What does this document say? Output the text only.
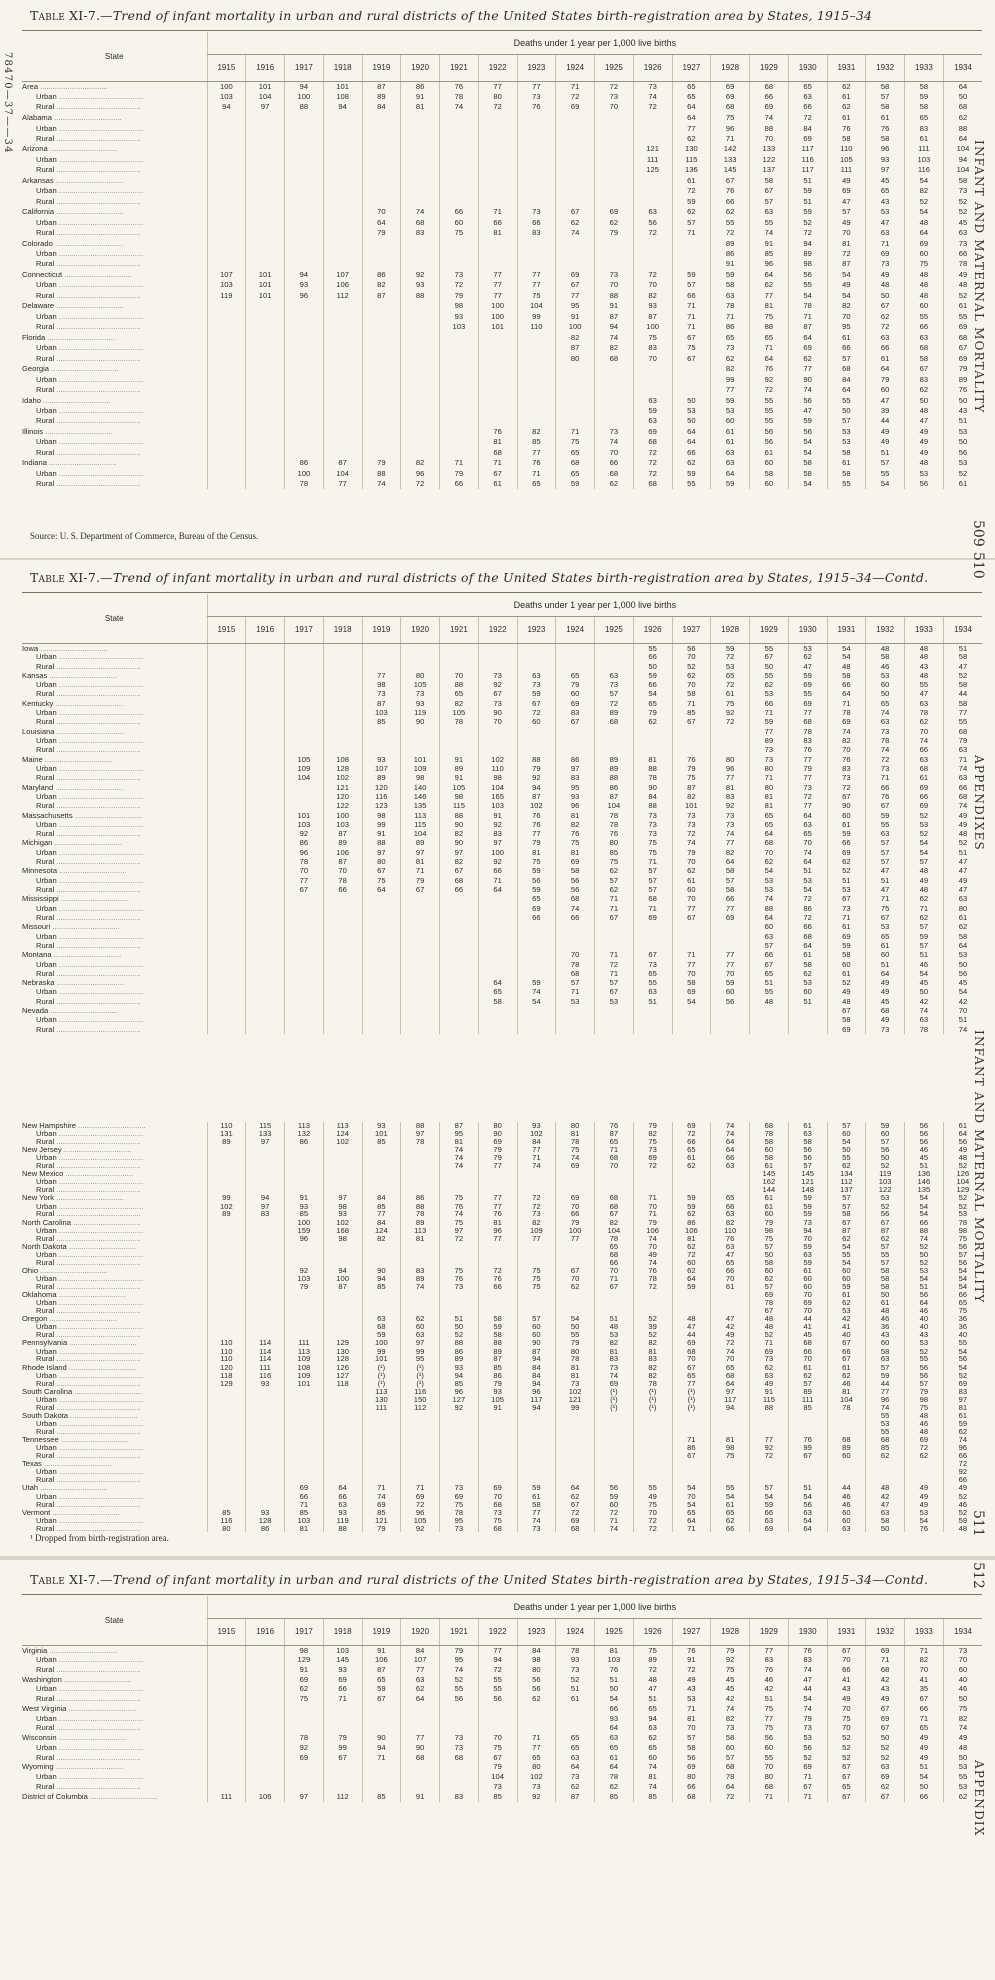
Table XI-7.—Trend of infant mortality in urban and rural districts of the United States birth-registration area by States, 1915–34
State	Deaths under 1 year per 1,000 live births																			
	1915	1916	1917	1918	1919	1920	1921	1922	1923	1924	1925	1926	1927	1928	1929	1930	1931	1932	1933	1934
Area ................................	100	101	94	101	87	86	76	77	77	71	72	73	65	69	68	65	62	58	58	64
Urban ........................................	103	104	100	108	89	91	78	80	73	72	73	74	65	69	66	63	61	57	59	50
Rural ........................................	94	97	88	94	84	81	74	72	76	69	70	72	64	68	69	66	62	58	58	68
Alabama ................................													64	75	74	72	61	61	65	62
Urban ........................................													77	96	88	84	76	76	83	88
Rural ........................................													62	71	70	69	58	58	61	64
Arizona ................................												121	130	142	133	117	110	96	111	104
Urban ........................................												111	115	133	122	116	105	93	103	94
Rural ........................................												125	136	145	137	117	111	97	116	104
Arkansas ................................													61	67	58	51	49	45	54	58
Urban ........................................													72	76	67	59	69	65	82	73
Rural ........................................													59	66	57	51	47	43	52	52
California ................................					70	74	66	71	73	67	69	63	62	62	63	59	57	53	54	52
Urban ........................................					64	68	60	66	66	62	62	56	57	55	55	52	49	47	48	45
Rural ........................................					79	83	75	81	83	74	79	72	71	72	74	72	70	63	64	63
Colorado ................................														89	91	94	81	71	69	73
Urban ........................................														86	85	89	72	69	60	66
Rural ........................................														91	96	98	87	73	75	78
Connecticut ................................	107	101	94	107	86	92	73	77	77	69	73	72	59	59	64	56	54	49	48	49
Urban ........................................	103	101	93	106	82	93	72	77	77	67	70	70	57	58	62	55	49	48	48	48
Rural ........................................	119	101	96	112	87	88	79	77	75	77	88	82	66	63	77	54	54	50	48	52
Delaware ................................							98	100	104	95	91	93	71	78	81	78	82	67	60	61
Urban ........................................							93	100	99	91	87	87	71	71	75	71	70	62	55	55
Rural ........................................							103	101	110	100	94	100	71	86	88	87	95	72	66	69
Florida ................................										82	74	75	67	65	65	64	61	63	63	68
Urban ........................................										87	82	83	75	73	71	69	66	66	68	67
Rural ........................................										80	68	70	67	62	64	62	57	61	58	69
Georgia ................................														82	76	77	68	64	67	79
Urban ........................................														99	92	90	84	79	83	89
Rural ........................................														77	72	74	64	60	62	76
Idaho ................................												63	50	59	55	56	55	47	50	50
Urban ........................................												59	53	53	55	47	50	39	48	43
Rural ........................................												63	50	60	55	59	57	44	47	51
Illinois ................................								76	82	71	73	69	64	61	56	56	53	49	49	53
Urban ........................................								81	85	75	74	68	64	61	56	54	53	49	49	50
Rural ........................................								68	77	65	70	72	66	63	61	54	58	51	49	56
Indiana ................................			86	87	79	82	71	71	76	68	66	72	62	63	60	58	61	57	48	53
Urban ........................................			100	104	88	96	79	67	71	65	68	72	59	64	58	58	58	55	53	52
Rural ........................................			78	77	74	72	66	61	65	59	62	68	55	59	60	54	55	54	56	61
Source: U. S. Department of Commerce, Bureau of the Census.
78470—37——34
INFANT AND MATERNAL MORTALITY
509
Table XI-7.—Trend of infant mortality in urban and rural districts of the United States birth-registration area by States, 1915–34—Contd.
State	Deaths under 1 year per 1,000 live births																			
	1915	1916	1917	1918	1919	1920	1921	1922	1923	1924	1925	1926	1927	1928	1929	1930	1931	1932	1933	1934
Iowa ................................												55	56	59	55	53	54	48	48	51
Urban ........................................												66	70	72	67	62	54	58	48	58
Rural ........................................												50	52	53	50	47	48	46	43	47
Kansas ................................					77	80	70	73	63	65	63	59	62	65	55	59	58	53	48	52
Urban ........................................					98	105	88	92	73	79	73	66	70	72	62	69	66	60	55	58
Rural ........................................					73	73	65	67	59	60	57	54	58	61	53	55	64	50	47	44
Kentucky ................................					87	93	82	73	67	69	72	65	71	75	66	69	71	65	63	58
Urban ........................................					103	119	105	90	72	83	89	79	85	92	71	77	78	74	78	77
Rural ........................................					85	90	78	70	60	67	68	62	67	72	59	68	69	63	62	55
Louisiana ................................															77	78	74	73	70	68
Urban ........................................															89	83	82	78	74	79
Rural ........................................															73	76	70	74	66	63
Maine ................................			105	108	93	101	91	102	88	86	89	81	76	80	73	77	76	72	63	71
Urban ........................................			109	128	107	109	89	110	79	97	89	88	79	96	80	79	83	73	68	74
Rural ........................................			104	102	89	98	91	98	92	83	88	78	75	77	71	77	73	71	61	63
Maryland ................................				121	120	140	105	104	94	95	86	90	87	81	80	73	72	66	69	66
Urban ........................................				120	116	146	98	165	87	93	87	84	82	83	81	72	67	76	66	68
Rural ........................................				122	123	135	115	103	102	96	104	88	101	92	81	77	90	67	69	74
Massachusetts ................................			101	100	98	113	88	91	76	81	78	73	73	73	65	64	60	59	52	49
Urban ........................................			103	103	99	115	90	92	76	82	78	73	73	73	65	63	61	55	53	49
Rural ........................................			92	87	91	104	82	83	77	76	76	73	72	74	64	65	59	63	52	48
Michigan ................................			86	89	88	89	90	97	79	75	80	75	74	77	68	70	66	57	54	52
Urban ........................................			96	106	97	97	97	100	81	81	85	75	79	82	70	74	69	57	54	51
Rural ........................................			78	87	80	81	82	92	75	69	75	71	70	64	62	64	62	57	57	47
Minnesota ................................			70	70	67	71	67	66	59	58	62	57	62	58	54	51	52	47	48	47
Urban ........................................			77	78	75	79	68	71	56	56	57	57	61	57	53	53	51	51	49	49
Rural ........................................			67	66	64	67	66	64	59	56	62	57	60	58	53	54	53	47	48	47
Mississippi ................................									65	68	71	68	70	66	74	72	67	71	62	63
Urban ........................................									69	74	71	71	77	77	88	86	73	75	71	80
Rural ........................................									66	66	67	69	67	69	64	72	71	67	62	61
Missouri ................................															60	66	61	53	57	62
Urban ........................................															63	68	69	65	59	58
Rural ........................................															57	64	59	61	57	64
Montana ................................										70	71	67	71	77	66	61	58	60	51	53
Urban ........................................										78	72	73	77	77	67	58	60	51	46	50
Rural ........................................										68	71	65	70	70	65	62	61	64	54	56
Nebraska ................................								64	59	57	57	55	58	59	51	53	52	49	45	45
Urban ........................................								65	74	71	67	63	69	60	55	60	49	49	50	54
Rural ........................................								58	54	53	53	51	54	56	48	51	48	45	42	42
Nevada ................................																	67	68	74	70
Urban ........................................																	58	49	63	51
Rural ........................................																	69	73	78	74
New Hampshire ................................	110	115	113	113	93	88	87	80	93	80	76	79	69	74	68	61	57	59	56	61
Urban ........................................	131	133	132	124	101	97	95	90	102	81	87	82	72	74	78	63	60	60	56	64
Rural ........................................	89	97	86	102	85	78	81	69	84	78	65	75	66	64	58	58	54	57	56	56
New Jersey ................................							74	79	77	75	71	73	65	64	60	56	50	56	46	49
Urban ........................................							74	79	71	74	68	69	61	66	58	56	55	50	45	48
Rural ........................................							74	77	74	69	70	72	62	63	61	57	62	52	51	52
New Mexico ................................															145	145	134	119	136	126
Urban ........................................															162	121	112	103	146	104
Rural ........................................															144	148	137	122	135	129
New York ................................	99	94	91	97	84	86	75	77	72	69	68	71	59	65	61	59	57	53	54	52
Urban ........................................	102	97	93	98	85	88	76	77	72	70	68	70	59	66	61	59	57	52	54	52
Rural ........................................	89	83	85	93	77	78	74	76	73	66	67	71	62	63	60	59	58	56	54	53
North Carolina ................................			100	102	84	89	75	81	82	79	82	79	86	82	79	73	67	67	66	78
Urban ........................................			159	168	124	113	97	96	109	100	104	106	106	110	98	94	87	87	88	98
Rural ........................................			96	98	82	81	72	77	77	77	78	74	81	76	75	70	62	62	74	75
North Dakota ................................											65	70	62	63	57	59	54	57	52	56
Urban ........................................											68	49	72	47	50	63	55	55	50	57
Rural ........................................											66	74	60	65	58	59	54	57	52	56
Ohio ................................			92	94	90	83	75	72	75	67	70	76	62	66	60	61	60	58	53	54
Urban ........................................			103	100	94	89	76	76	75	70	71	78	64	70	62	60	60	58	54	54
Rural ........................................			79	87	85	74	73	66	75	62	67	72	59	61	57	60	59	58	51	54
Oklahoma ................................															69	70	61	50	56	66
Urban ........................................															78	69	62	61	64	65
Rural ........................................															67	70	53	48	46	75
Oregon ................................					63	62	51	58	57	54	51	52	48	47	48	44	42	46	40	36
Urban ........................................					68	60	50	59	60	50	48	39	47	42	48	41	41	36	40	36
Rural ........................................					59	63	52	58	60	55	53	52	44	49	52	45	40	43	43	40
Pennsylvania ................................	110	114	111	129	100	97	88	88	90	79	82	82	69	72	71	68	67	60	53	55
Urban ........................................	110	114	113	130	99	99	86	89	87	80	81	81	68	74	69	66	66	58	52	54
Rural ........................................	110	114	109	128	101	95	89	87	94	78	83	83	70	70	73	70	67	63	55	56
Rhode Island ................................	120	111	108	126	(¹)	(¹)	93	85	84	81	73	82	67	65	62	61	61	57	56	54
Urban ........................................	118	116	109	127	(¹)	(¹)	94	86	84	81	74	82	65	68	63	62	62	59	56	52
Rural ........................................	129	93	101	118	(¹)	(¹)	85	79	94	73	69	78	77	64	49	57	46	44	57	69
South Carolina ................................					113	116	96	93	96	102	(¹)	(¹)	(¹)	97	91	89	81	77	79	83
Urban ........................................					130	150	127	105	117	121	(¹)	(¹)	(¹)	117	115	111	104	96	98	97
Rural ........................................					111	112	92	91	94	99	(¹)	(¹)	(¹)	94	88	85	78	74	75	81
South Dakota ................................																		55	48	61
Urban ........................................																		53	46	59
Rural ........................................																		55	48	62
Tennessee ................................													71	81	77	76	68	68	69	74
Urban ........................................													86	98	92	99	89	85	72	96
Rural ........................................													67	75	72	67	60	62	62	66
Texas ................................																				72
Urban ........................................																				92
Rural ........................................																				66
Utah ................................			69	64	71	71	73	69	59	64	56	55	54	55	57	51	44	48	49	49
Urban ........................................			66	66	74	69	69	70	61	62	59	49	70	54	54	54	46	42	49	52
Rural ........................................			71	63	69	72	75	68	58	67	60	75	54	61	59	56	46	47	49	46
Vermont ................................	85	93	85	93	85	96	78	73	77	72	72	70	65	65	66	63	60	63	53	52
Urban ........................................	116	128	103	119	121	105	95	75	74	69	71	72	64	62	63	54	60	58	54	59
Rural ........................................	80	86	81	88	79	92	73	68	73	68	74	72	71	66	69	64	63	50	76	48
¹ Dropped from birth-registration area.
510
APPENDIXES
INFANT AND MATERNAL MORTALITY
511
Table XI-7.—Trend of infant mortality in urban and rural districts of the United States birth-registration area by States, 1915–34—Contd.
State	Deaths under 1 year per 1,000 live births																			
	1915	1916	1917	1918	1919	1920	1921	1922	1923	1924	1925	1926	1927	1928	1929	1930	1931	1932	1933	1934
Virginia ................................			98	103	91	84	79	77	84	78	81	75	76	79	77	76	67	69	71	73
Urban ........................................			129	145	106	107	95	94	98	93	103	89	91	92	83	83	70	71	82	70
Rural ........................................			91	93	87	77	74	72	80	73	76	72	72	75	76	74	66	68	70	60
Washington ................................			69	69	65	63	52	55	56	52	51	48	49	45	46	47	41	42	41	40
Urban ........................................			62	66	59	62	55	55	56	51	50	47	43	45	42	44	43	43	35	46
Rural ........................................			75	71	67	64	56	56	62	61	54	51	53	42	51	54	49	49	67	50
West Virginia ................................											66	65	71	74	75	74	70	67	66	75
Urban ........................................											93	94	81	82	77	79	75	69	71	82
Rural ........................................											64	63	70	73	75	73	70	67	65	74
Wisconsin ................................			78	79	90	77	73	70	71	65	63	62	57	58	56	53	52	50	49	49
Urban ........................................			92	99	94	90	73	75	77	65	65	65	58	60	60	56	52	52	49	48
Rural ........................................			69	67	71	68	68	67	65	63	61	60	56	57	55	52	52	52	49	50
Wyoming ................................								79	80	64	64	74	69	68	70	69	67	63	51	53
Urban ........................................								104	102	73	78	81	80	78	80	71	67	69	54	55
Rural ........................................								73	73	62	62	74	66	64	68	67	65	62	50	53
District of Columbia ................................	111	106	97	112	85	91	83	85	92	87	85	85	68	72	71	71	67	67	66	62
512
APPENDIX
